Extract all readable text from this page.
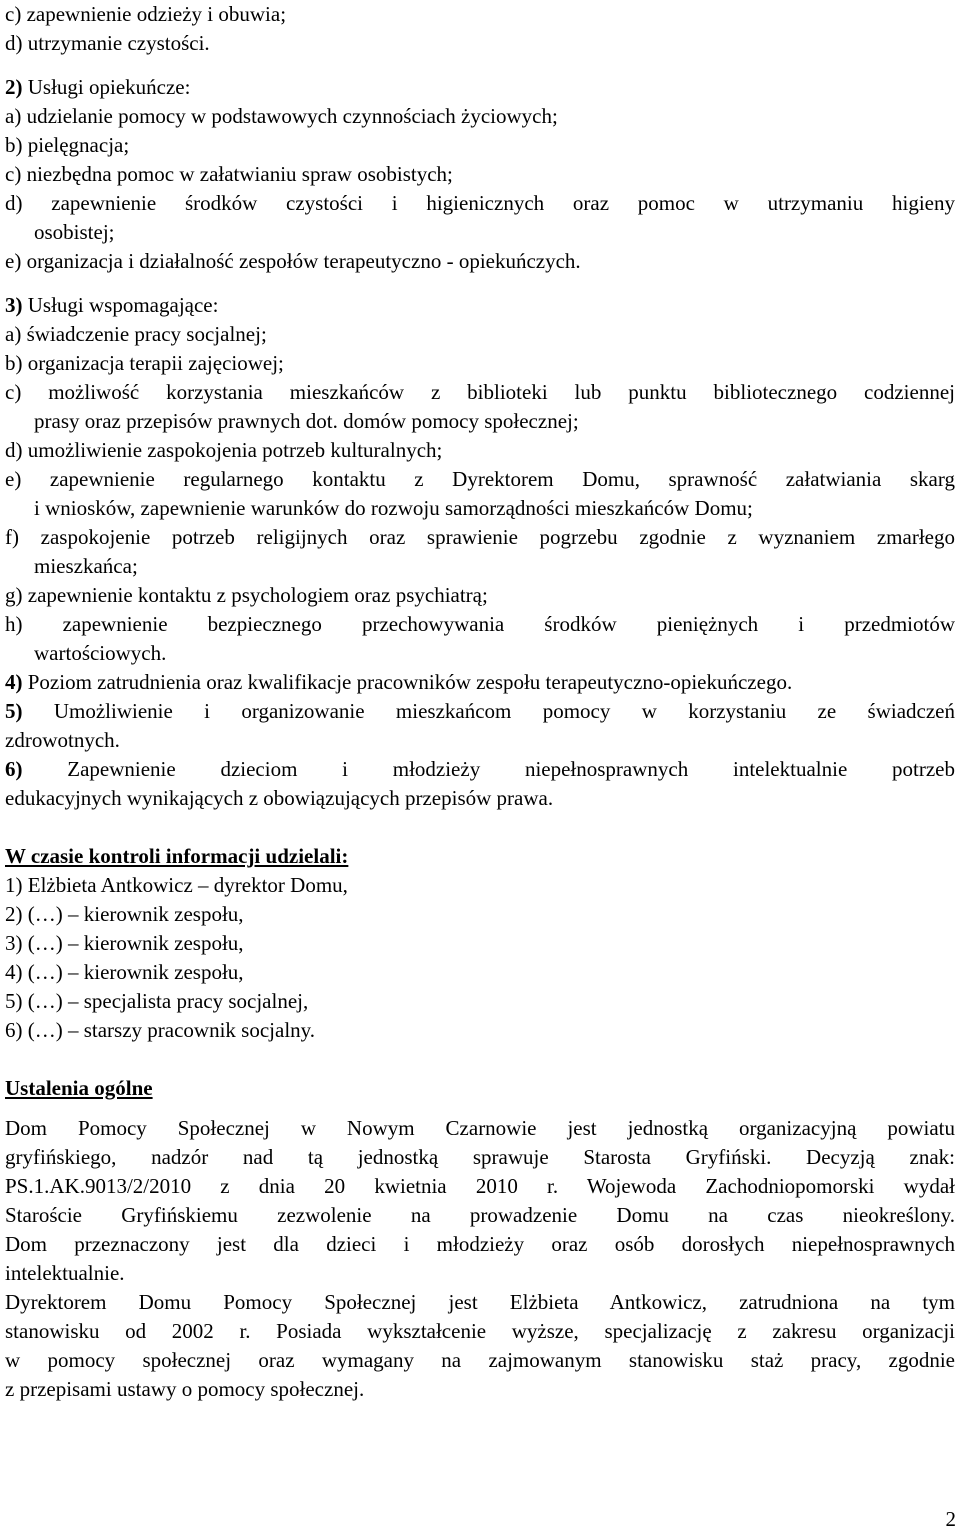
c) zapewnienie odzieży i obuwia;
d) utrzymanie czystości.
2) Usługi opiekuńcze:
a) udzielanie pomocy w podstawowych czynnościach życiowych;
b) pielęgnacja;
c) niezbędna pomoc w załatwianiu spraw osobistych;
d) zapewnienie środków czystości i higienicznych oraz pomoc w utrzymaniu higieny
osobistej;
e) organizacja i działalność zespołów terapeutyczno - opiekuńczych.
3) Usługi wspomagające:
a) świadczenie pracy socjalnej;
b) organizacja terapii zajęciowej;
c) możliwość korzystania mieszkańców z biblioteki lub punktu bibliotecznego codziennej
prasy oraz przepisów prawnych dot. domów pomocy społecznej;
d) umożliwienie zaspokojenia potrzeb kulturalnych;
e) zapewnienie regularnego kontaktu z Dyrektorem Domu, sprawność załatwiania skarg
i wniosków, zapewnienie warunków do rozwoju samorządności mieszkańców Domu;
f) zaspokojenie potrzeb religijnych oraz sprawienie pogrzebu zgodnie z wyznaniem zmarłego
mieszkańca;
g) zapewnienie kontaktu z psychologiem oraz psychiatrą;
h) zapewnienie bezpiecznego przechowywania środków pieniężnych i przedmiotów
wartościowych.
4) Poziom zatrudnienia oraz kwalifikacje pracowników zespołu terapeutyczno-opiekuńczego.
5) Umożliwienie i organizowanie mieszkańcom pomocy w korzystaniu ze świadczeń
zdrowotnych.
6) Zapewnienie dzieciom i młodzieży niepełnosprawnych intelektualnie potrzeb
edukacyjnych wynikających z obowiązujących przepisów prawa.
W czasie kontroli informacji udzielali:
1) Elżbieta Antkowicz – dyrektor Domu,
2) (…) – kierownik zespołu,
3) (…) – kierownik zespołu,
4) (…) – kierownik zespołu,
5) (…) – specjalista pracy socjalnej,
6) (…) – starszy pracownik socjalny.
Ustalenia ogólne
Dom Pomocy Społecznej w Nowym Czarnowie jest jednostką organizacyjną powiatu
gryfińskiego, nadzór nad tą jednostką sprawuje Starosta Gryfiński. Decyzją znak:
PS.1.AK.9013/2/2010 z dnia 20 kwietnia 2010 r. Wojewoda Zachodniopomorski wydał
Staroście Gryfińskiemu zezwolenie na prowadzenie Domu na czas nieokreślony.
Dom przeznaczony jest dla dzieci i młodzieży oraz osób dorosłych niepełnosprawnych
intelektualnie.
Dyrektorem Domu Pomocy Społecznej jest Elżbieta Antkowicz, zatrudniona na tym
stanowisku od 2002 r. Posiada wykształcenie wyższe, specjalizację z zakresu organizacji
w pomocy społecznej oraz wymagany na zajmowanym stanowisku staż pracy, zgodnie
z przepisami ustawy o pomocy społecznej.
2
